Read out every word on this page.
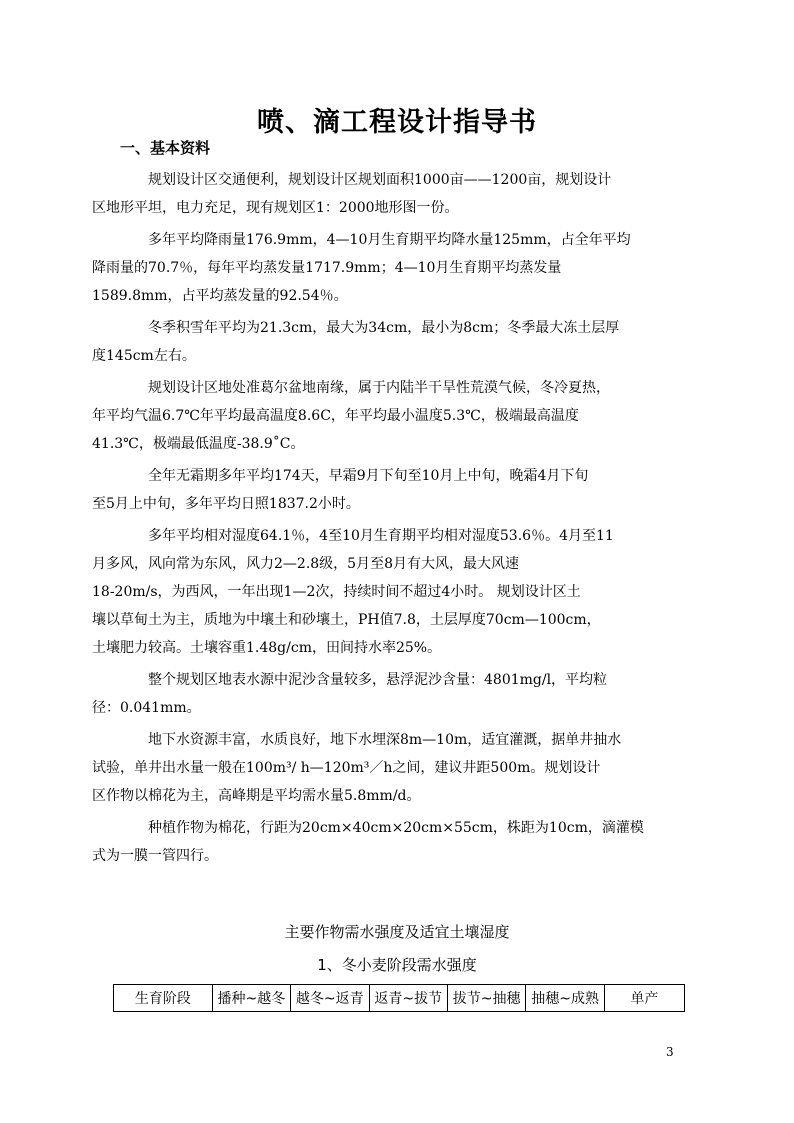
喷、滴工程设计指导书
一、基本资料
规划设计区交通便利，规划设计区规划面积1000亩——1200亩，规划设计
区地形平坦，电力充足，现有规划区1：2000地形图一份。
多年平均降雨量176.9mm，4—10月生育期平均降水量125mm，占全年平均
降雨量的70.7％，每年平均蒸发量1717.9mm；4—10月生育期平均蒸发量
1589.8mm，占平均蒸发量的92.54％。
冬季积雪年平均为21.3cm，最大为34cm，最小为8cm；冬季最大冻土层厚
度145cm左右。
规划设计区地处准葛尔盆地南缘，属于内陆半干旱性荒漠气候，冬冷夏热，
年平均气温6.7℃年平均最高温度8.6C，年平均最小温度5.3℃，极端最高温度
41.3℃，极端最低温度-38.9˚C。
全年无霜期多年平均174天，早霜9月下旬至10月上中旬，晚霜4月下旬
至5月上中旬，多年平均日照1837.2小时。
多年平均相对湿度64.1％，4至10月生育期平均相对湿度53.6％。4月至11
月多风，风向常为东风，风力2—2.8级，5月至8月有大风，最大风速
18-20m/s，为西风，一年出现1—2次，持续时间不超过4小时。 规划设计区土
壤以草甸土为主，质地为中壤土和砂壤土，PH值7.8，土层厚度70cm—100cm，
土壤肥力较高。土壤容重1.48g/cm，田间持水率25%。
整个规划区地表水源中泥沙含量较多，悬浮泥沙含量：4801mg/l，平均粒
径：0.041mm。
地下水资源丰富，水质良好，地下水埋深8m—10m，适宜灌溉，据单井抽水
试验，单井出水量一般在100m³/ h—120m³／h之间，建议井距500m。规划设计
区作物以棉花为主，高峰期是平均需水量5.8mm/d。
种植作物为棉花，行距为20cm×40cm×20cm×55cm，株距为10cm，滴灌模
式为一膜一管四行。
主要作物需水强度及适宜土壤湿度
1、冬小麦阶段需水强度
生育阶段	播种~越冬	越冬~返青	返青~拔节	拔节~抽穗	抽穗~成熟	单产
3
